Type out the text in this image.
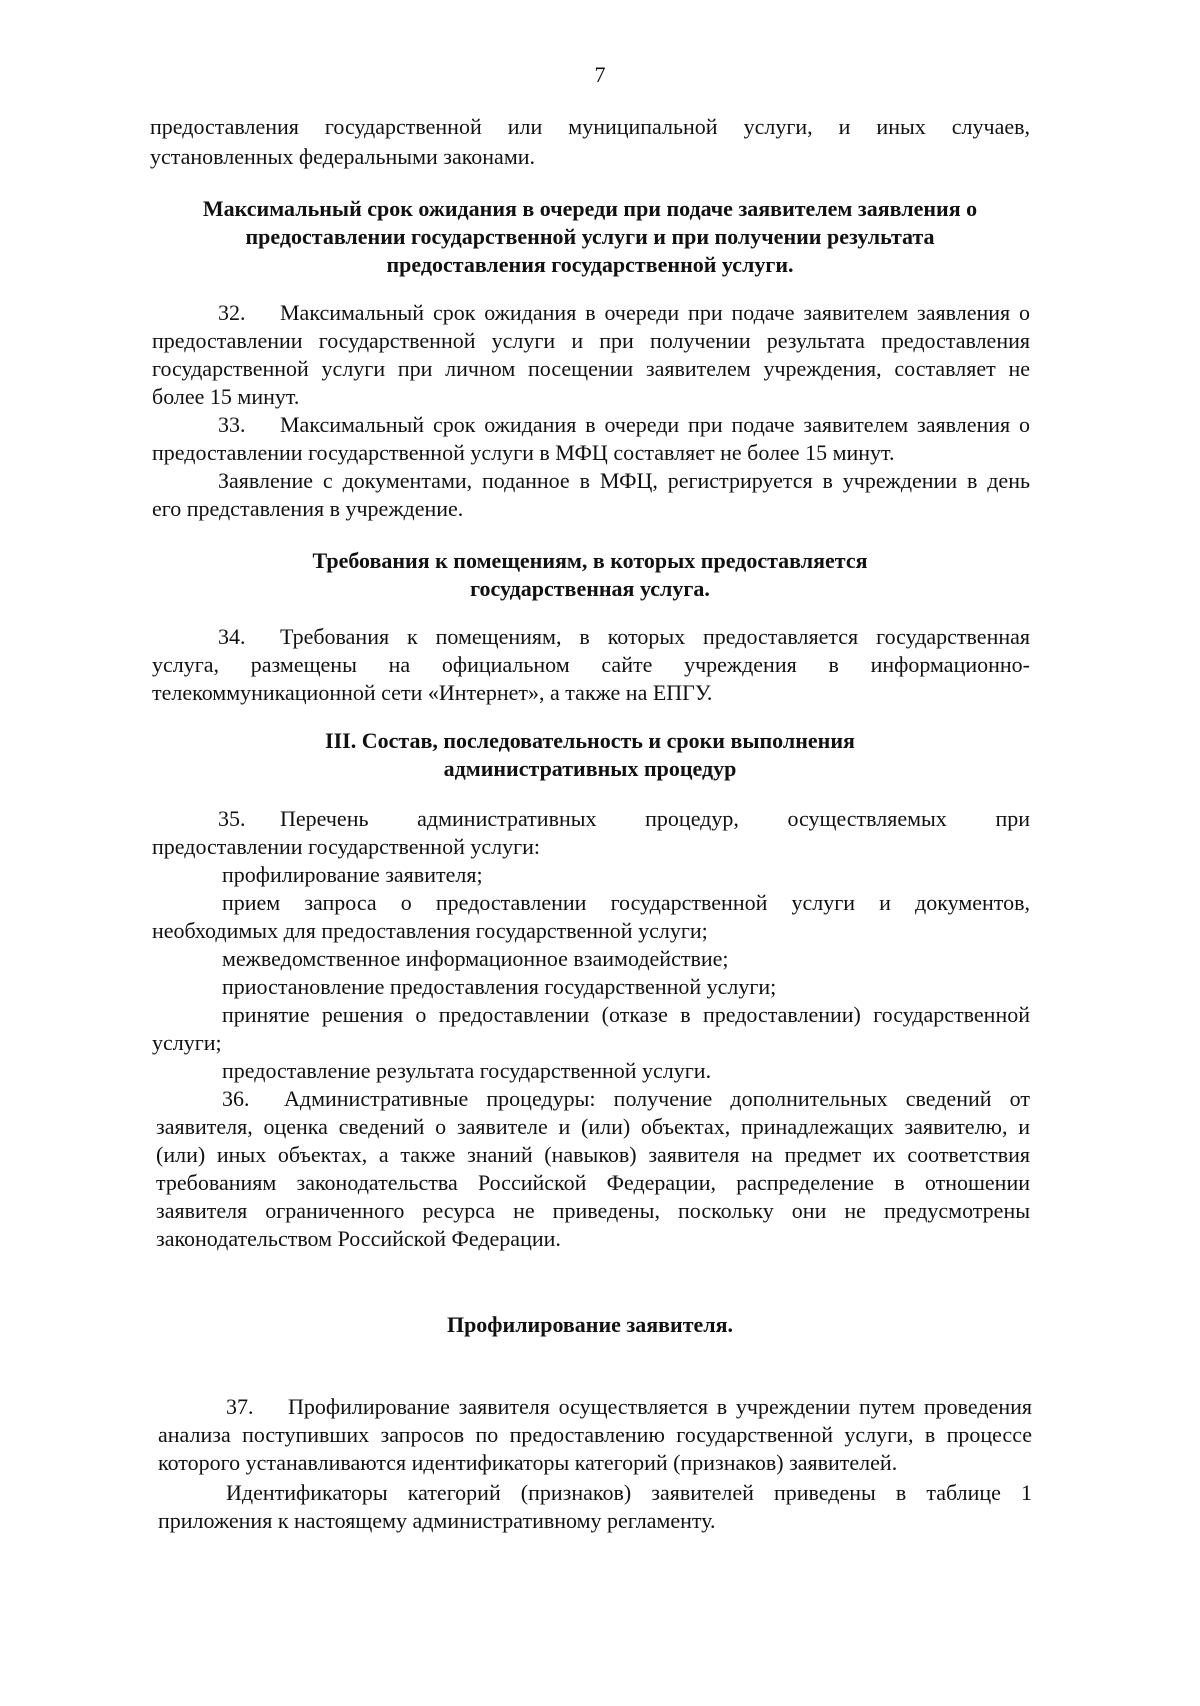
7
предоставления государственной или муниципальной услуги, и иных случаев,
установленных федеральными законами.
Максимальный срок ожидания в очереди при подаче заявителем заявления о
предоставлении государственной услуги и при получении результата
предоставления государственной услуги.
32. Максимальный срок ожидания в очереди при подаче заявителем заявления о
предоставлении государственной услуги и при получении результата предоставления
государственной услуги при личном посещении заявителем учреждения, составляет не
более 15 минут.
33. Максимальный срок ожидания в очереди при подаче заявителем заявления о
предоставлении государственной услуги в МФЦ составляет не более 15 минут.
Заявление с документами, поданное в МФЦ, регистрируется в учреждении в день
его представления в учреждение.
Требования к помещениям, в которых предоставляется
государственная услуга.
34. Требования к помещениям, в которых предоставляется государственная
услуга, размещены на официальном сайте учреждения в информационно-
телекоммуникационной сети «Интернет», а также на ЕПГУ.
III. Состав, последовательность и сроки выполнения
административных процедур
35. Перечень административных процедур, осуществляемых при
предоставлении государственной услуги:
профилирование заявителя;
прием запроса о предоставлении государственной услуги и документов,
необходимых для предоставления государственной услуги;
межведомственное информационное взаимодействие;
приостановление предоставления государственной услуги;
принятие решения о предоставлении (отказе в предоставлении) государственной
услуги;
предоставление результата государственной услуги.
36. Административные процедуры: получение дополнительных сведений от
заявителя, оценка сведений о заявителе и (или) объектах, принадлежащих заявителю, и
(или) иных объектах, а также знаний (навыков) заявителя на предмет их соответствия
требованиям законодательства Российской Федерации, распределение в отношении
заявителя ограниченного ресурса не приведены, поскольку они не предусмотрены
законодательством Российской Федерации.
Профилирование заявителя.
37. Профилирование заявителя осуществляется в учреждении путем проведения
анализа поступивших запросов по предоставлению государственной услуги, в процессе
которого устанавливаются идентификаторы категорий (признаков) заявителей.
Идентификаторы категорий (признаков) заявителей приведены в таблице 1
приложения к настоящему административному регламенту.
